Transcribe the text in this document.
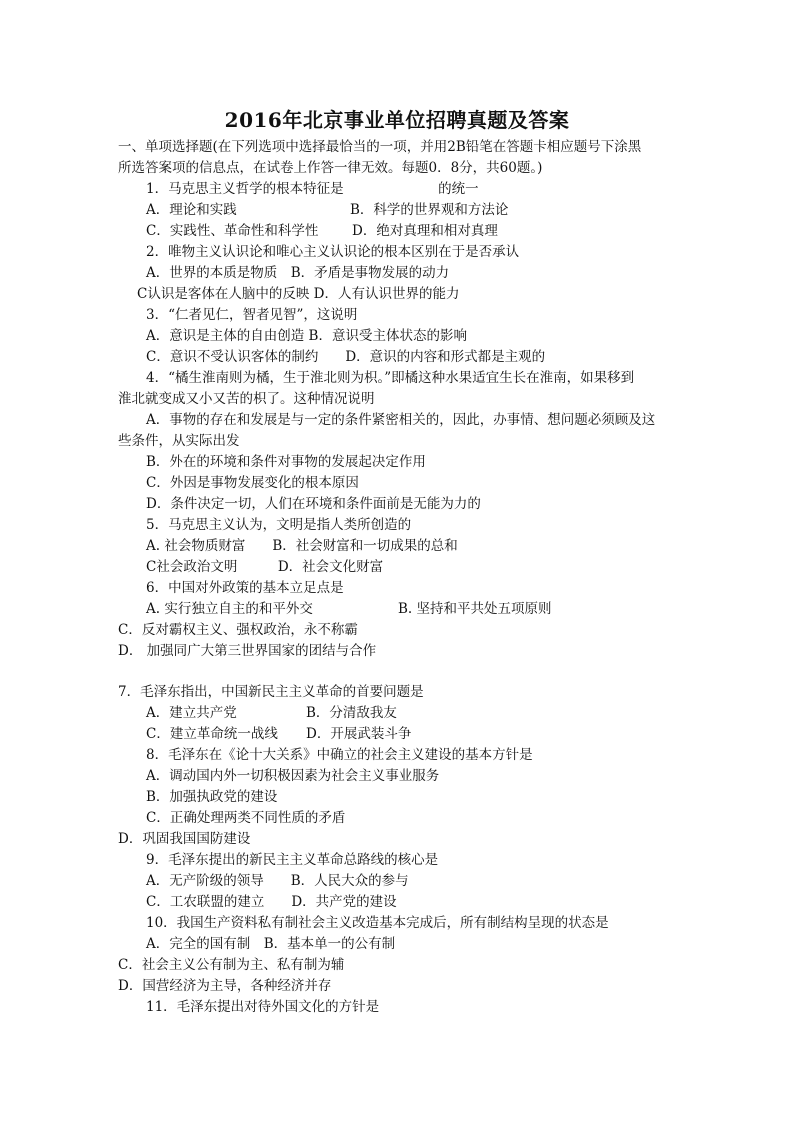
2016年北京事业单位招聘真题及答案
一、单项选择题(在下列选项中选择最恰当的一项，并用2B铅笔在答题卡相应题号下涂黑
所选答案项的信息点，在试卷上作答一律无效。每题0．8分，共60题。)
1．马克思主义哲学的根本特征是　　　　　　　的统一
A．理论和实践	B．科学的世界观和方法论
C．实践性、革命性和科学性 D．绝对真理和相对真理
2．唯物主义认识论和唯心主义认识论的根本区别在于是否承认
A．世界的本质是物质　B．矛盾是事物发展的动力
C认识是客体在人脑中的反映 D．人有认识世界的能力
3．“仁者见仁，智者见智”，这说明
A．意识是主体的自由创造 B．意识受主体状态的影响
C．意识不受认识客体的制约　　D．意识的内容和形式都是主观的
4．“橘生淮南则为橘，生于淮北则为枳。”即橘这种水果适宜生长在淮南，如果移到
淮北就变成又小又苦的枳了。这种情况说明
A．事物的存在和发展是与一定的条件紧密相关的，因此，办事情、想问题必须顾及这
些条件，从实际出发
B．外在的环境和条件对事物的发展起决定作用
C．外因是事物发展变化的根本原因
D．条件决定一切，人们在环境和条件面前是无能为力的
5．马克思主义认为，文明是指人类所创造的
A. 社会物质财富　　B．社会财富和一切成果的总和
C社会政治文明　　　D．社会文化财富
6．中国对外政策的基本立足点是
A. 实行独立自主的和平外交	B. 坚持和平共处五项原则
C．反对霸权主义、强权政治，永不称霸
D． 加强同广大第三世界国家的团结与合作
7．毛泽东指出，中国新民主主义革命的首要问题是
A．建立共产党	B．分清敌我友
C．建立革命统一战线 D．开展武装斗争
8．毛泽东在《论十大关系》中确立的社会主义建设的基本方针是
A．调动国内外一切积极因素为社会主义事业服务
B．加强执政党的建设
C．正确处理两类不同性质的矛盾
D．巩固我国国防建设
9．毛泽东提出的新民主主义革命总路线的核心是
A．无产阶级的领导　　B．人民大众的参与
C．工农联盟的建立　　D．共产党的建设
10．我国生产资料私有制社会主义改造基本完成后，所有制结构呈现的状态是
A．完全的国有制　B．基本单一的公有制
C．社会主义公有制为主、私有制为辅
D．国营经济为主导，各种经济并存
11．毛泽东提出对待外国文化的方针是
